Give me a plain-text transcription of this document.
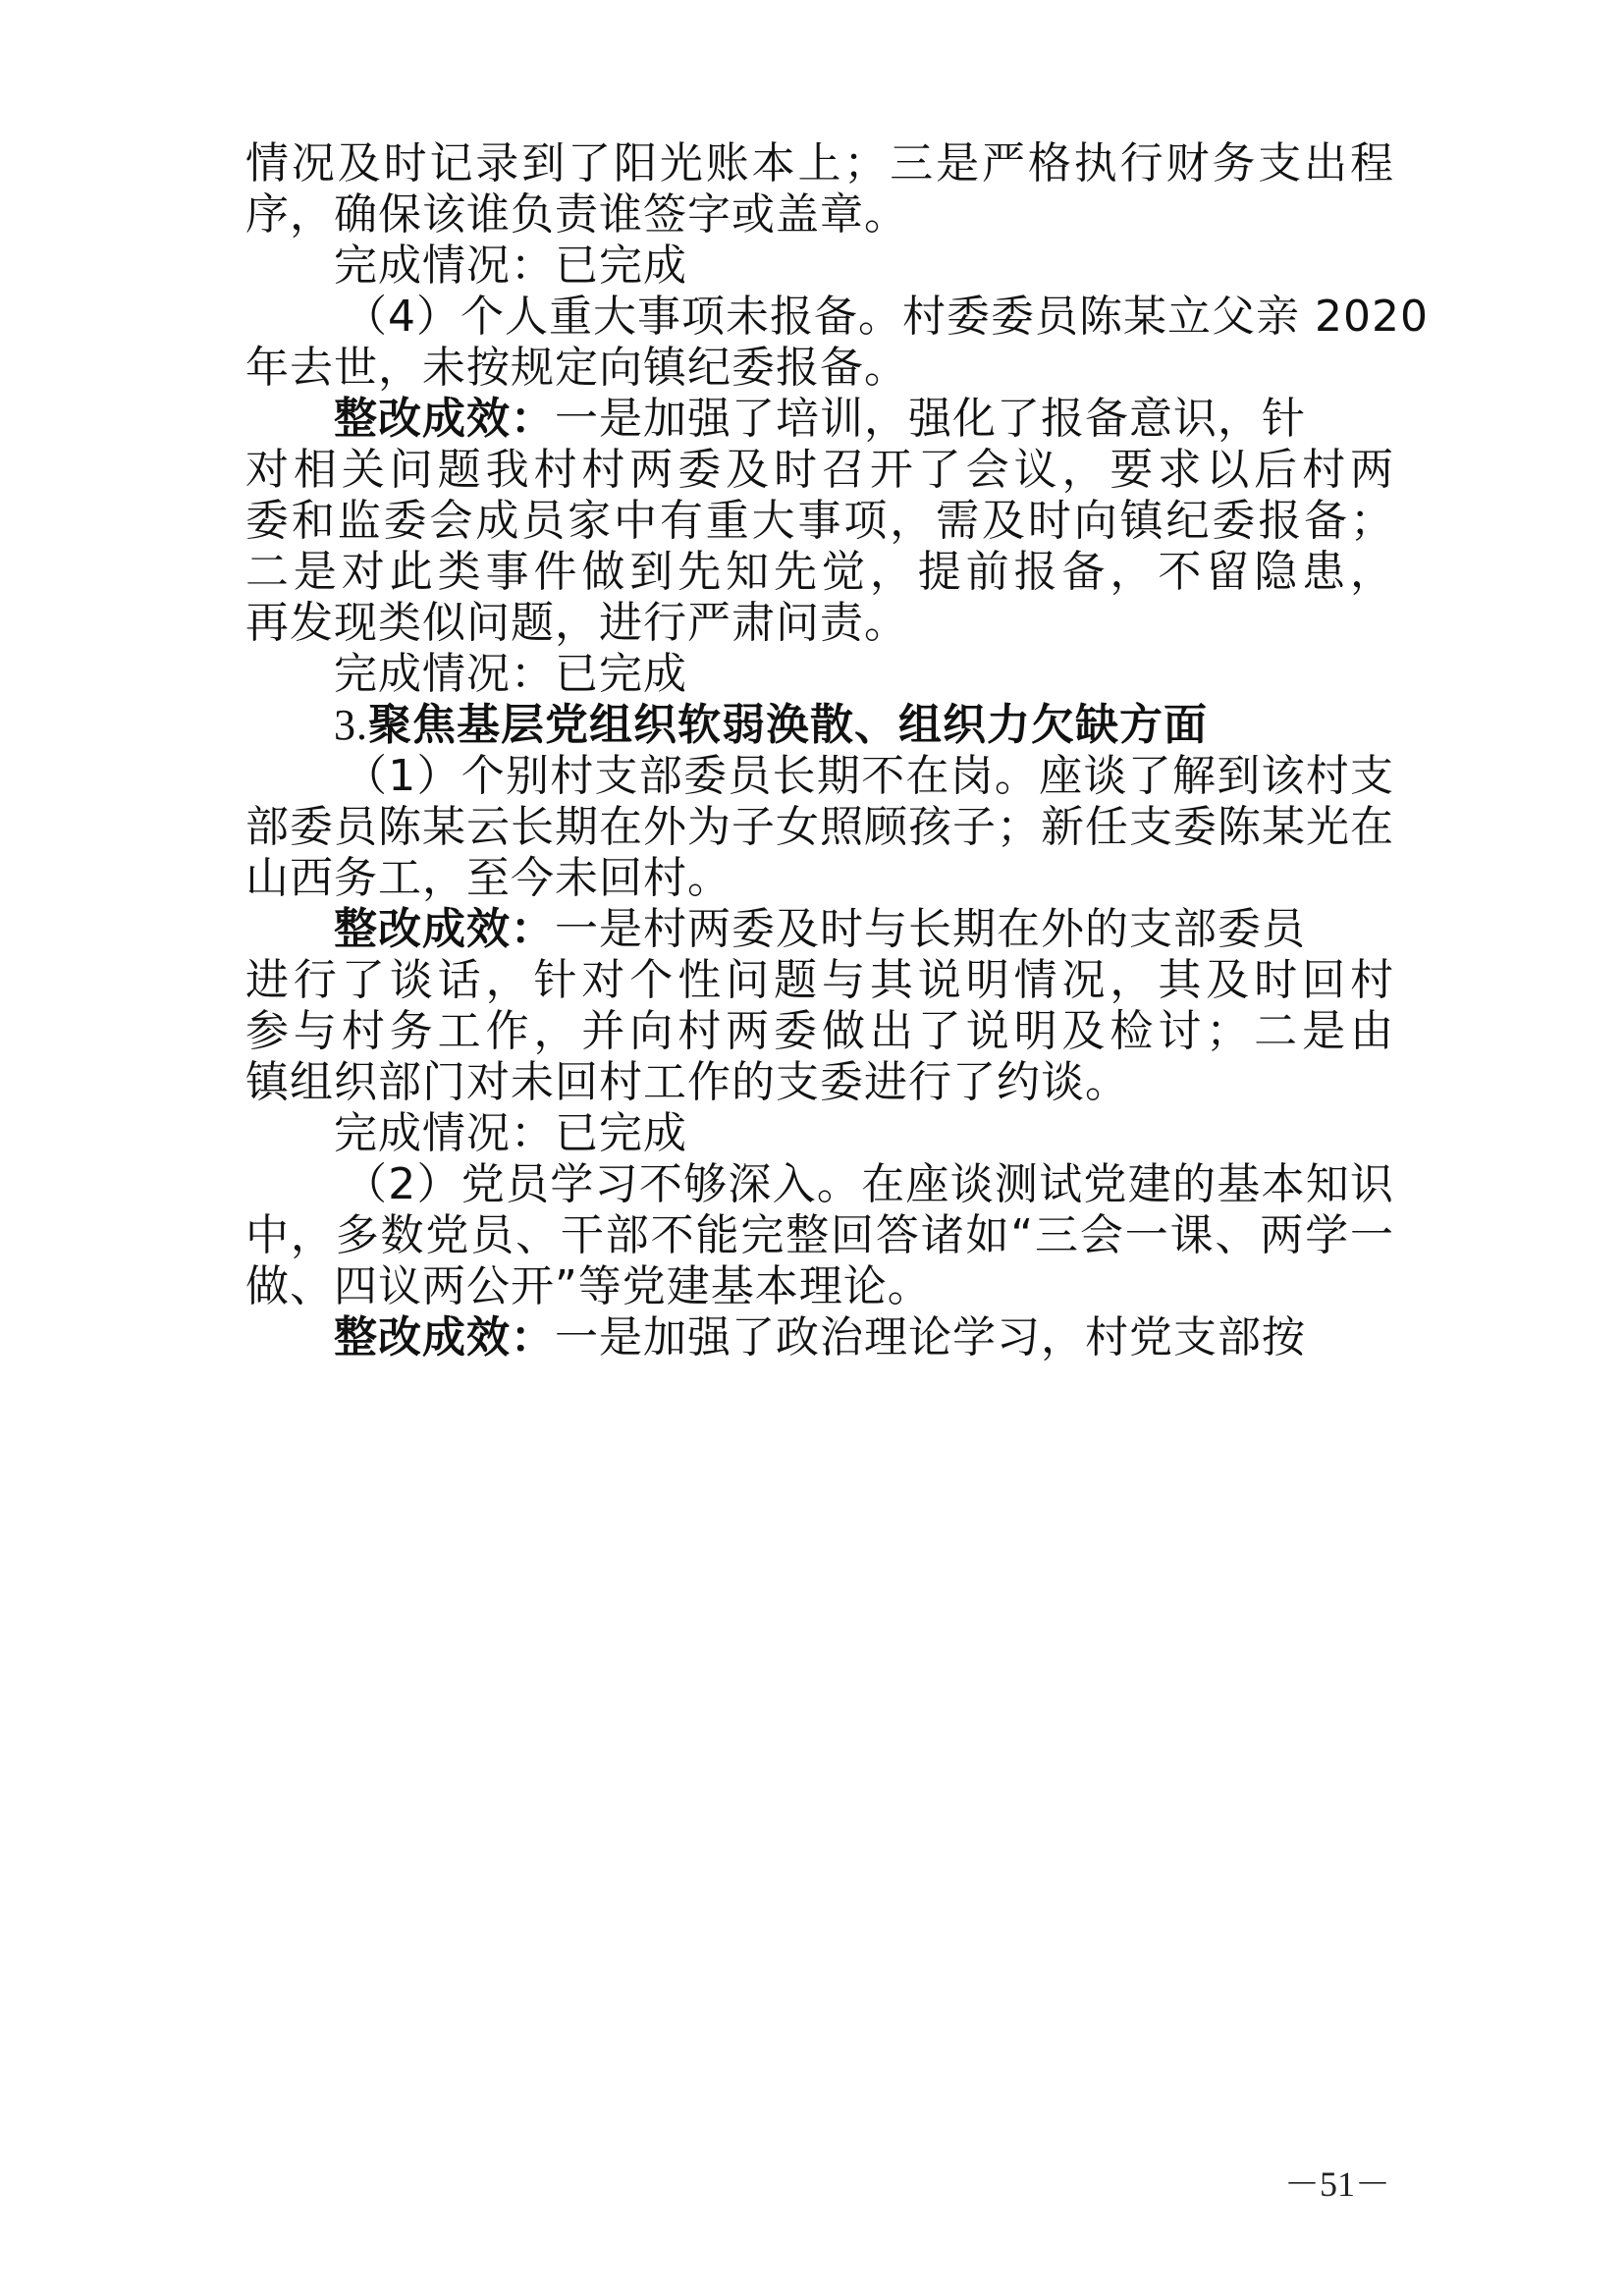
情况及时记录到了阳光账本上；三是严格执行财务支出程
序，确保该谁负责谁签字或盖章。
完成情况：已完成
（4）个人重大事项未报备。村委委员陈某立父亲 2020
年去世，未按规定向镇纪委报备。
整改成效：一是加强了培训，强化了报备意识，针
对相关问题我村村两委及时召开了会议，要求以后村两
委和监委会成员家中有重大事项，需及时向镇纪委报备；
二是对此类事件做到先知先觉，提前报备，不留隐患，
再发现类似问题，进行严肃问责。
完成情况：已完成
3.聚焦基层党组织软弱涣散、组织力欠缺方面
（1）个别村支部委员长期不在岗。座谈了解到该村支
部委员陈某云长期在外为子女照顾孩子；新任支委陈某光在
山西务工，至今未回村。
整改成效：一是村两委及时与长期在外的支部委员
进行了谈话，针对个性问题与其说明情况，其及时回村
参与村务工作，并向村两委做出了说明及检讨；二是由
镇组织部门对未回村工作的支委进行了约谈。
完成情况：已完成
（2）党员学习不够深入。在座谈测试党建的基本知识
中，多数党员、干部不能完整回答诸如“三会一课、两学一
做、四议两公开”等党建基本理论。
整改成效：一是加强了政治理论学习，村党支部按
－51－
